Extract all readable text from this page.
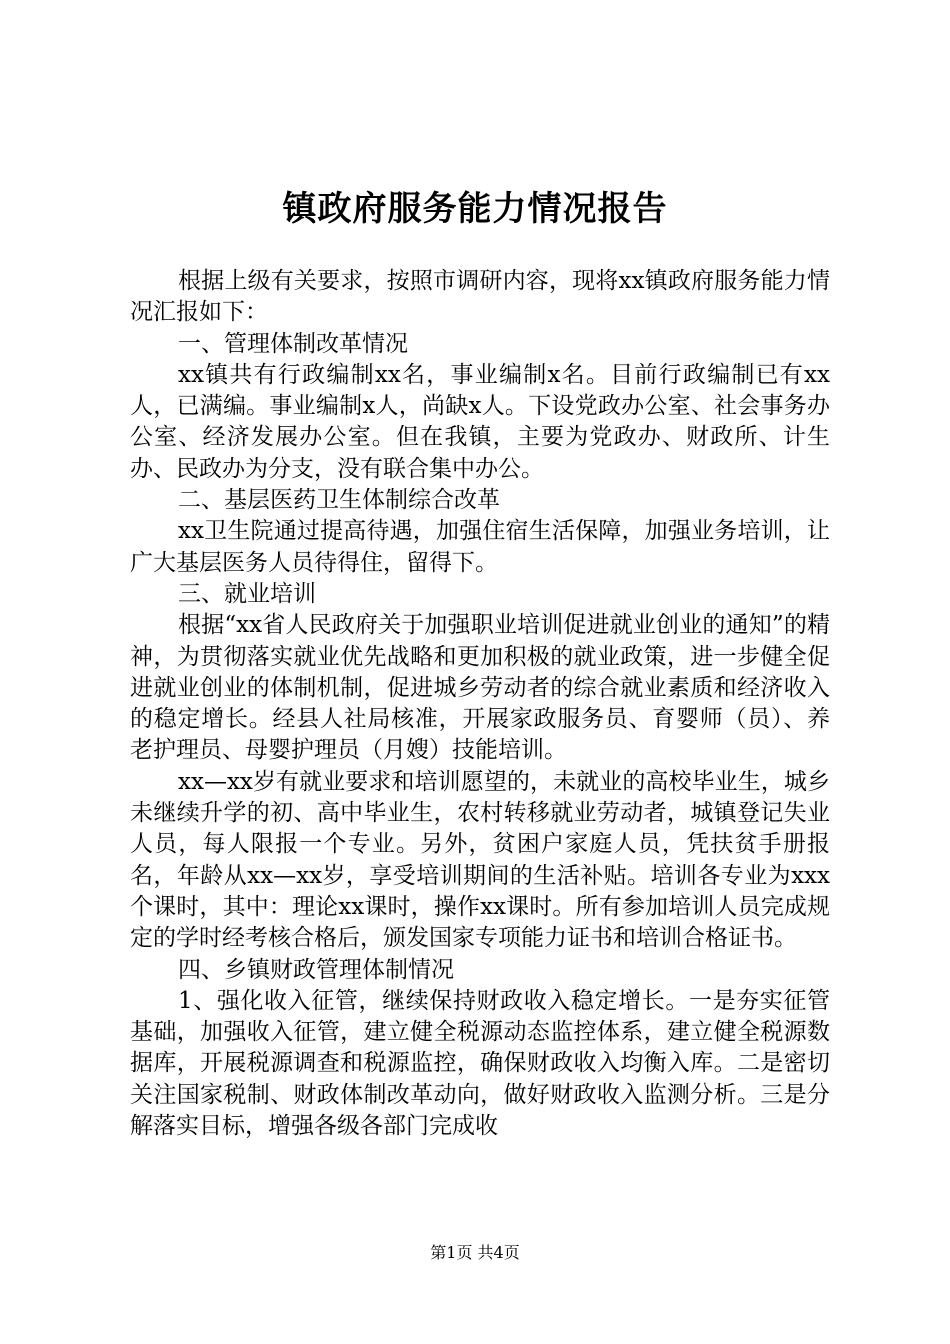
镇政府服务能力情况报告

根据上级有关要求，按照市调研内容，现将xx镇政府服务能力情况汇报如下：

一、管理体制改革情况

xx镇共有行政编制xx名，事业编制x名。目前行政编制已有xx人，已满编。事业编制x人，尚缺x人。下设党政办公室、社会事务办公室、经济发展办公室。但在我镇，主要为党政办、财政所、计生办、民政办为分支，没有联合集中办公。

二、基层医药卫生体制综合改革

xx卫生院通过提高待遇，加强住宿生活保障，加强业务培训，让广大基层医务人员待得住，留得下。

三、就业培训

根据“xx省人民政府关于加强职业培训促进就业创业的通知”的精神，为贯彻落实就业优先战略和更加积极的就业政策，进一步健全促进就业创业的体制机制，促进城乡劳动者的综合就业素质和经济收入的稳定增长。经县人社局核准，开展家政服务员、育婴师（员）、养老护理员、母婴护理员（月嫂）技能培训。

xx—xx岁有就业要求和培训愿望的，未就业的高校毕业生，城乡未继续升学的初、高中毕业生，农村转移就业劳动者，城镇登记失业人员，每人限报一个专业。另外，贫困户家庭人员，凭扶贫手册报名，年龄从xx—xx岁，享受培训期间的生活补贴。培训各专业为xxx个课时，其中：理论xx课时，操作xx课时。所有参加培训人员完成规定的学时经考核合格后，颁发国家专项能力证书和培训合格证书。

四、乡镇财政管理体制情况

1、强化收入征管，继续保持财政收入稳定增长。一是夯实征管基础，加强收入征管，建立健全税源动态监控体系，建立健全税源数据库，开展税源调查和税源监控，确保财政收入均衡入库。二是密切关注国家税制、财政体制改革动向，做好财政收入监测分析。三是分解落实目标，增强各级各部门完成收

第1页 共4页
